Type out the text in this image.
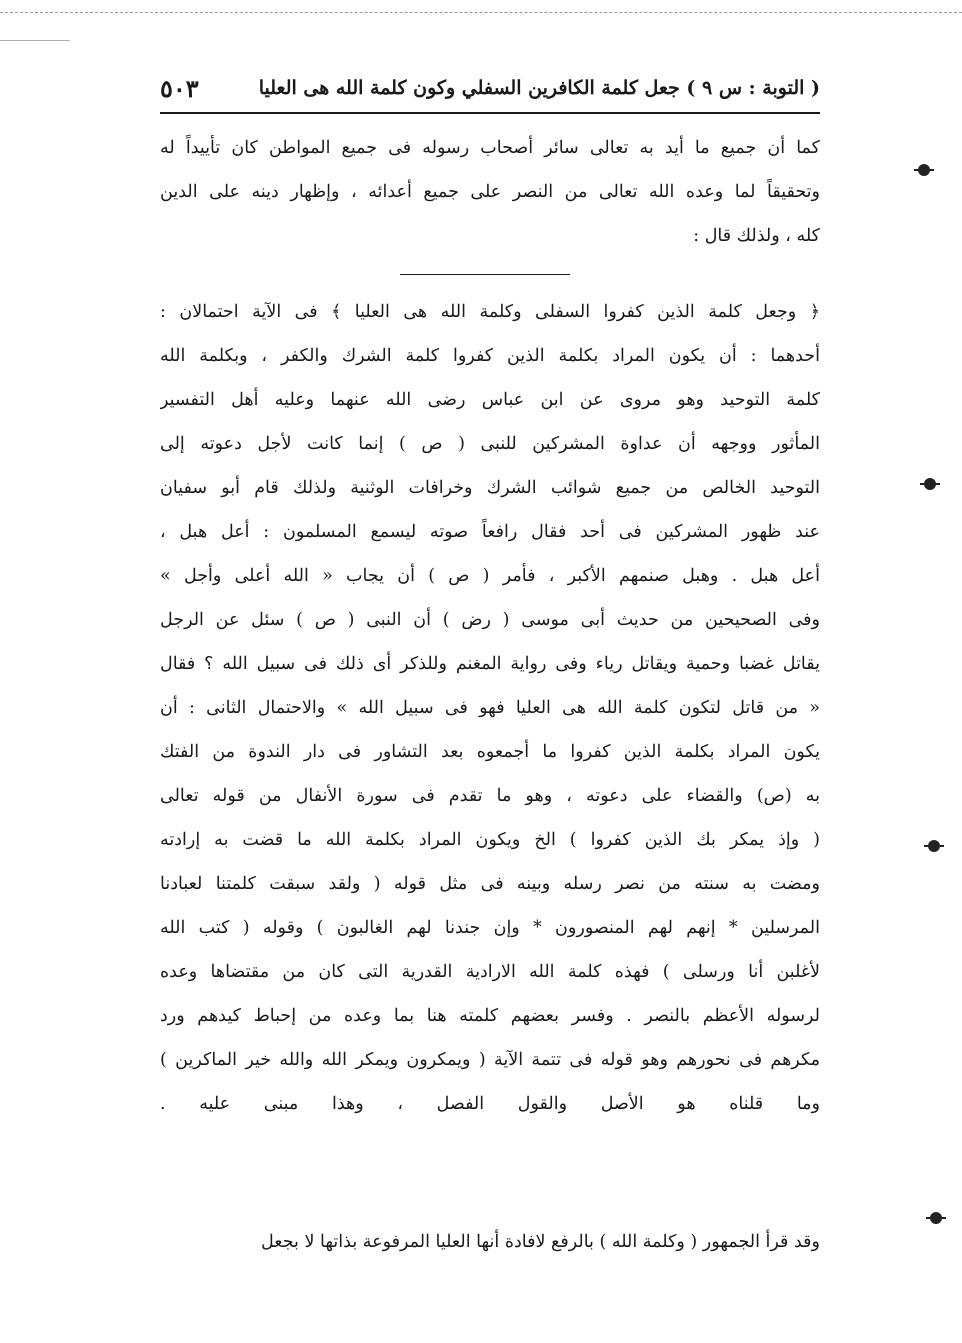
( التوبة : س ٩ ) جعل كلمة الكافرين السفلي وكون كلمة الله هى العليا
٥٠٣
كما أن جميع ما أيد به تعالى سائر أصحاب رسوله فى جميع المواطن كان تأييداً له
وتحقيقاً لما وعده الله تعالى من النصر على جميع أعدائه ، وإظهار دينه على الدين
كله ، ولذلك قال :
﴿ وجعل كلمة الذين كفروا السفلى وكلمة الله هى العليا ﴾ فى الآية احتمالان :
أحدهما : أن يكون المراد بكلمة الذين كفروا كلمة الشرك والكفر ، وبكلمة الله
كلمة التوحيد وهو مروى عن ابن عباس رضى الله عنهما وعليه أهل التفسير
المأثور ووجهه أن عداوة المشركين للنبى ( ص ) إنما كانت لأجل دعوته إلى
التوحيد الخالص من جميع شوائب الشرك وخرافات الوثنية ولذلك قام أبو سفيان
عند ظهور المشركين فى أحد فقال رافعاً صوته ليسمع المسلمون : أعل هبل ،
أعل هبل . وهبل صنمهم الأكبر ، فأمر ( ص ) أن يجاب « الله أعلى وأجل »
وفى الصحيحين من حديث أبى موسى ( رض ) أن النبى ( ص ) سئل عن الرجل
يقاتل غضبا وحمية ويقاتل رياء وفى رواية المغنم وللذكر أى ذلك فى سبيل الله ؟ فقال
« من قاتل لتكون كلمة الله هى العليا فهو فى سبيل الله » والاحتمال الثانى : أن
يكون المراد بكلمة الذين كفروا ما أجمعوه بعد التشاور فى دار الندوة من الفتك
به (ص) والقضاء على دعوته ، وهو ما تقدم فى سورة الأنفال من قوله تعالى
( وإذ يمكر بك الذين كفروا ) الخ ويكون المراد بكلمة الله ما قضت به إرادته
ومضت به سنته من نصر رسله وبينه فى مثل قوله ( ولقد سبقت كلمتنا لعبادنا
المرسلين * إنهم لهم المنصورون * وإن جندنا لهم الغالبون ) وقوله ( كتب الله
لأغلبن أنا ورسلى ) فهذه كلمة الله الارادية القدرية التى كان من مقتضاها وعده
لرسوله الأعظم بالنصر . وفسر بعضهم كلمته هنا بما وعده من إحباط كيدهم ورد
مكرهم فى نحورهم وهو قوله فى تتمة الآية ( ويمكرون ويمكر الله والله خير الماكرين )
وما قلناه هو الأصل والقول الفصل ، وهذا مبنى عليه .
وقد قرأ الجمهور ( وكلمة الله ) بالرفع لافادة أنها العليا المرفوعة بذاتها لا بجعل
